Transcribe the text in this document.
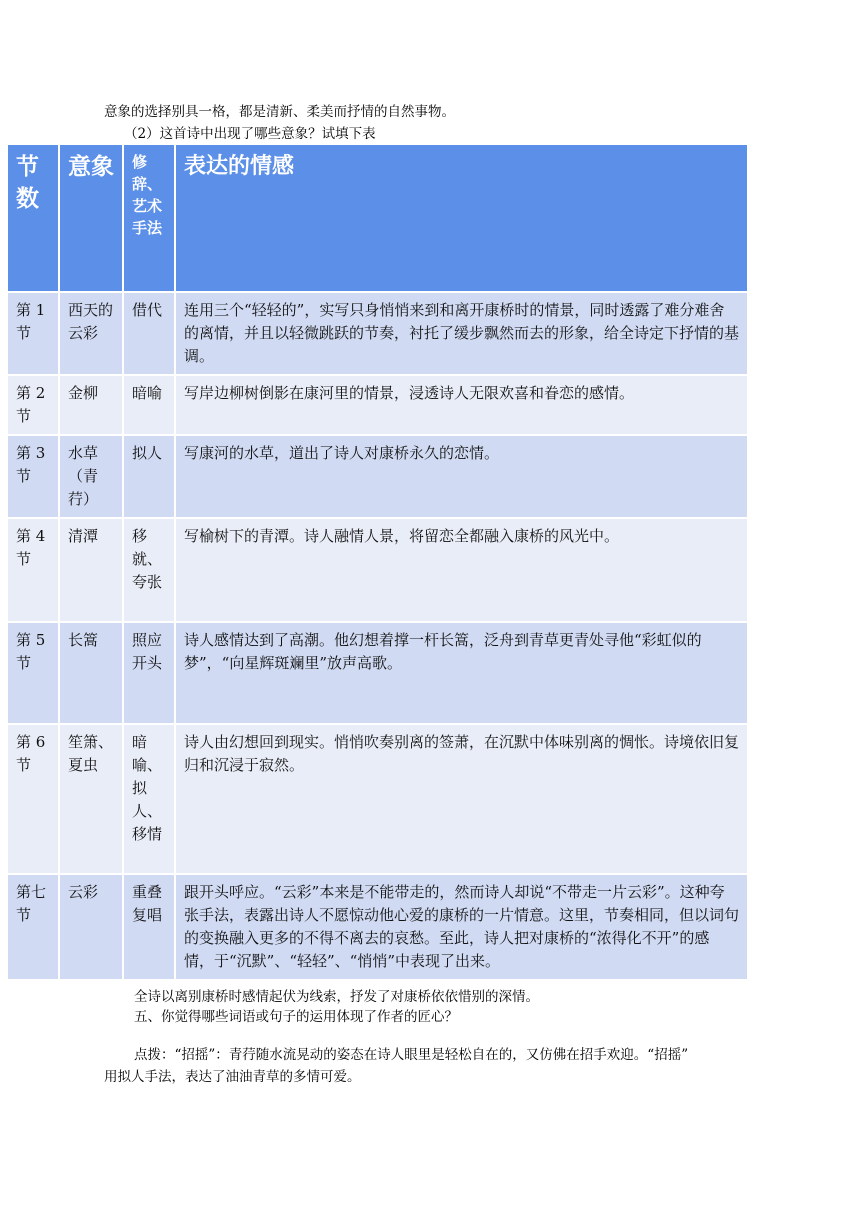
意象的选择别具一格，都是清新、柔美而抒情的自然事物。
（2）这首诗中出现了哪些意象？试填下表
节数	意象	修辞、艺术手法	表达的情感
第 1 节	西天的云彩	借代	连用三个“轻轻的”，实写只身悄悄来到和离开康桥时的情景，同时透露了难分难舍的离情，并且以轻微跳跃的节奏，衬托了缓步飘然而去的形象，给全诗定下抒情的基调。
第 2 节	金柳	暗喻	写岸边柳树倒影在康河里的情景，浸透诗人无限欢喜和眷恋的感情。
第 3 节	水草（青荇）	拟人	写康河的水草，道出了诗人对康桥永久的恋情。
第 4 节	清潭	移就、夸张	写榆树下的青潭。诗人融情人景，将留恋全都融入康桥的风光中。
第 5 节	长篙	照应开头	诗人感情达到了高潮。他幻想着撑一杆长篙，泛舟到青草更青处寻他“彩虹似的梦”，“向星辉斑斓里”放声高歌。
第 6 节	笙箫、夏虫	暗喻、拟人、移情	诗人由幻想回到现实。悄悄吹奏别离的签萧，在沉默中体味别离的惆怅。诗境依旧复归和沉浸于寂然。
第七节	云彩	重叠复唱	跟开头呼应。“云彩”本来是不能带走的，然而诗人却说“不带走一片云彩”。这种夸张手法，表露出诗人不愿惊动他心爱的康桥的一片情意。这里，节奏相同，但以词句的变换融入更多的不得不离去的哀愁。至此，诗人把对康桥的“浓得化不开”的感情，于“沉默”、“轻轻”、“悄悄”中表现了出来。
全诗以离别康桥时感情起伏为线索，抒发了对康桥依依惜别的深情。
五、你觉得哪些词语或句子的运用体现了作者的匠心？
点拨：“招摇”：青荇随水流晃动的姿态在诗人眼里是轻松自在的，又仿佛在招手欢迎。“招摇”
用拟人手法，表达了油油青草的多情可爱。
